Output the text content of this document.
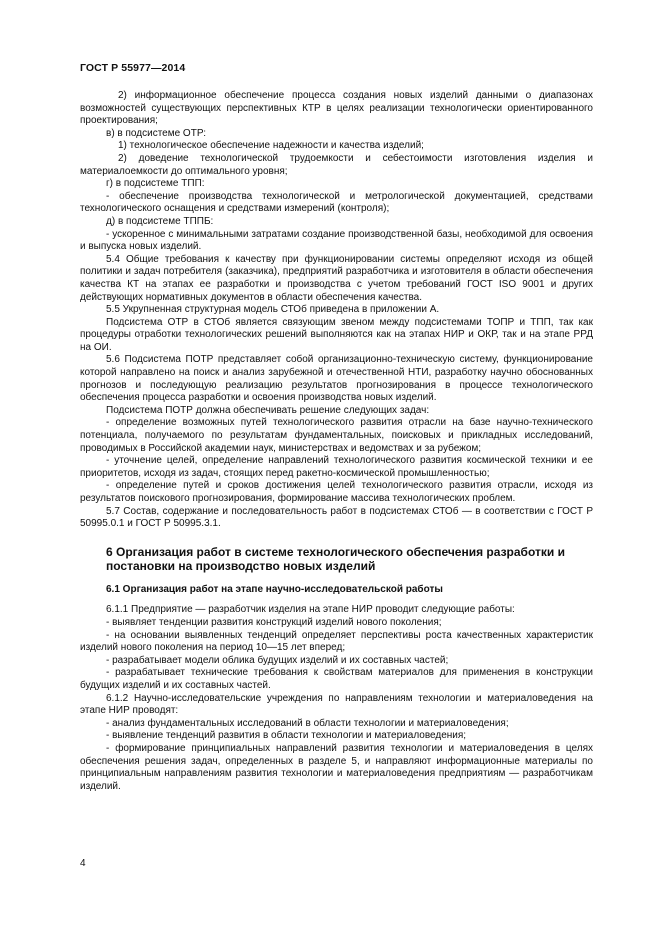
ГОСТ Р 55977—2014

2) информационное обеспечение процесса создания новых изделий данными о диапазонах возможностей существующих перспективных КТР в целях реализации технологически ориентированного проектирования;

в) в подсистеме ОТР:

1) технологическое обеспечение надежности и качества изделий;

2) доведение технологической трудоемкости и себестоимости изготовления изделия и материалоемкости до оптимального уровня;

г) в подсистеме ТПП:

- обеспечение производства технологической и метрологической документацией, средствами технологического оснащения и средствами измерений (контроля);

д) в подсистеме ТППБ:

- ускоренное с минимальными затратами создание производственной базы, необходимой для освоения и выпуска новых изделий.

5.4 Общие требования к качеству при функционировании системы определяют исходя из общей политики и задач потребителя (заказчика), предприятий разработчика и изготовителя в области обеспечения качества КТ на этапах ее разработки и производства с учетом требований ГОСТ ISO 9001 и других действующих нормативных документов в области обеспечения качества.

5.5 Укрупненная структурная модель СТОб приведена в приложении А.

Подсистема ОТР в СТОб является связующим звеном между подсистемами ТОПР и ТПП, так как процедуры отработки технологических решений выполняются как на этапах НИР и ОКР, так и на этапе РРД на ОИ.

5.6 Подсистема ПОТР представляет собой организационно-техническую систему, функционирование которой направлено на поиск и анализ зарубежной и отечественной НТИ, разработку научно обоснованных прогнозов и последующую реализацию результатов прогнозирования в процессе технологического обеспечения процесса разработки и освоения производства новых изделий.

Подсистема ПОТР должна обеспечивать решение следующих задач:

- определение возможных путей технологического развития отрасли на базе научно-технического потенциала, получаемого по результатам фундаментальных, поисковых и прикладных исследований, проводимых в Российской академии наук, министерствах и ведомствах и за рубежом;

- уточнение целей, определение направлений технологического развития космической техники и ее приоритетов, исходя из задач, стоящих перед ракетно-космической промышленностью;

- определение путей и сроков достижения целей технологического развития отрасли, исходя из результатов поискового прогнозирования, формирование массива технологических проблем.

5.7 Состав, содержание и последовательность работ в подсистемах СТОб — в соответствии с ГОСТ Р 50995.0.1 и ГОСТ Р 50995.3.1.

6 Организация работ в системе технологического обеспечения разработки и постановки на производство новых изделий
6.1 Организация работ на этапе научно-исследовательской работы

6.1.1 Предприятие — разработчик изделия на этапе НИР проводит следующие работы:

- выявляет тенденции развития конструкций изделий нового поколения;

- на основании выявленных тенденций определяет перспективы роста качественных характеристик изделий нового поколения на период 10—15 лет вперед;

- разрабатывает модели облика будущих изделий и их составных частей;

- разрабатывает технические требования к свойствам материалов для применения в конструкции будущих изделий и их составных частей.

6.1.2 Научно-исследовательские учреждения по направлениям технологии и материаловедения на этапе НИР проводят:

- анализ фундаментальных исследований в области технологии и материаловедения;

- выявление тенденций развития в области технологии и материаловедения;

- формирование принципиальных направлений развития технологии и материаловедения в целях обеспечения решения задач, определенных в разделе 5, и направляют информационные материалы по принципиальным направлениям развития технологии и материаловедения предприятиям — разработчикам изделий.

4
